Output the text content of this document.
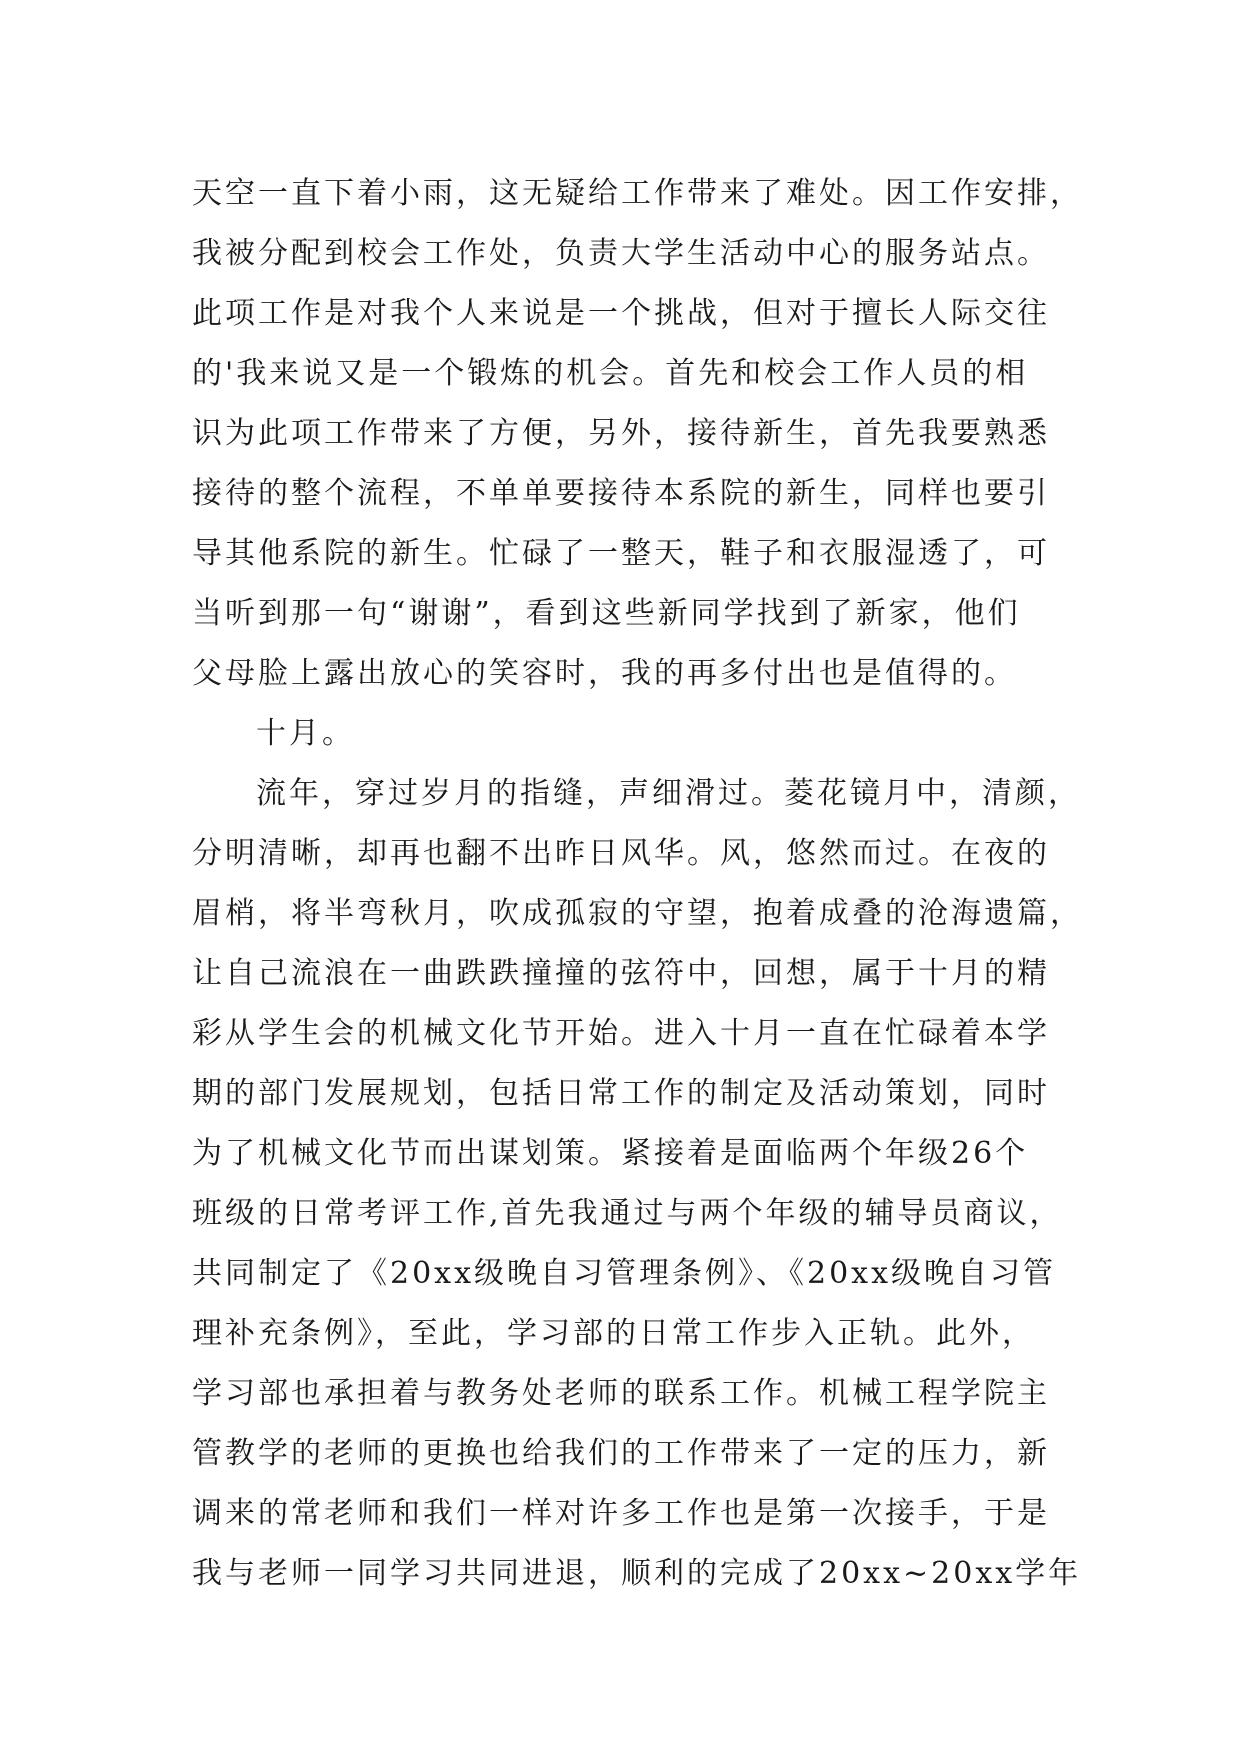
天空一直下着小雨，这无疑给工作带来了难处。因工作安排，
我被分配到校会工作处，负责大学生活动中心的服务站点。
此项工作是对我个人来说是一个挑战，但对于擅长人际交往
的'我来说又是一个锻炼的机会。首先和校会工作人员的相
识为此项工作带来了方便，另外，接待新生，首先我要熟悉
接待的整个流程，不单单要接待本系院的新生，同样也要引
导其他系院的新生。忙碌了一整天，鞋子和衣服湿透了，可
当听到那一句“谢谢”，看到这些新同学找到了新家，他们
父母脸上露出放心的笑容时，我的再多付出也是值得的。
十月。
流年，穿过岁月的指缝，声细滑过。菱花镜月中，清颜，
分明清晰，却再也翻不出昨日风华。风，悠然而过。在夜的
眉梢，将半弯秋月，吹成孤寂的守望，抱着成叠的沧海遗篇，
让自己流浪在一曲跌跌撞撞的弦符中，回想，属于十月的精
彩从学生会的机械文化节开始。进入十月一直在忙碌着本学
期的部门发展规划，包括日常工作的制定及活动策划，同时
为了机械文化节而出谋划策。紧接着是面临两个年级26个
班级的日常考评工作,首先我通过与两个年级的辅导员商议，
共同制定了《20xx级晚自习管理条例》、《20xx级晚自习管
理补充条例》，至此，学习部的日常工作步入正轨。此外，
学习部也承担着与教务处老师的联系工作。机械工程学院主
管教学的老师的更换也给我们的工作带来了一定的压力，新
调来的常老师和我们一样对许多工作也是第一次接手，于是
我与老师一同学习共同进退，顺利的完成了20xx~20xx学年
